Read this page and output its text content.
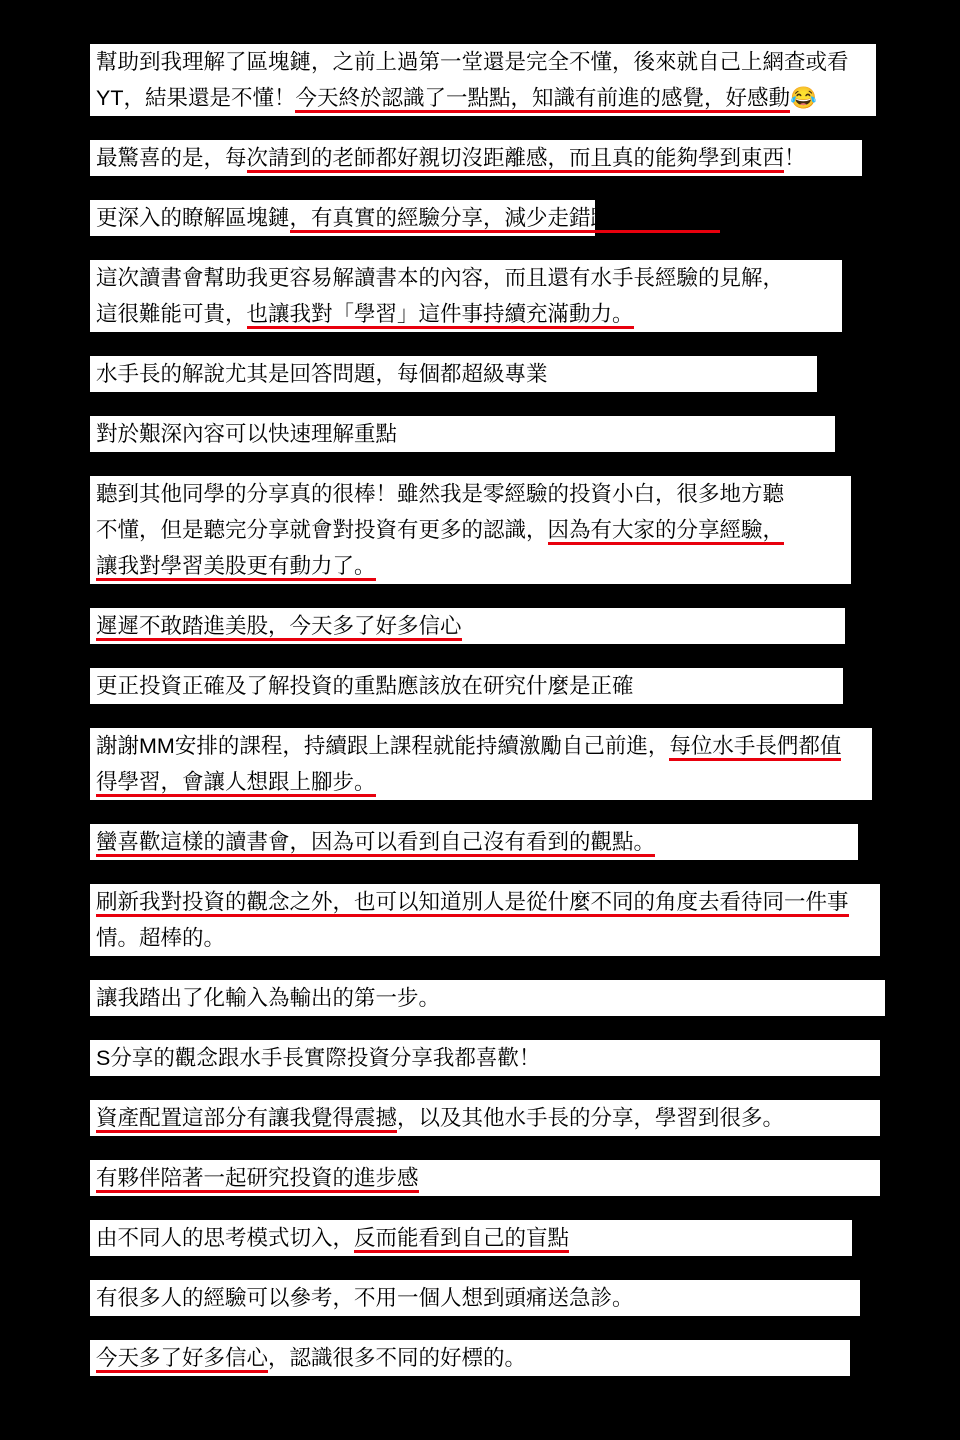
幫助到我理解了區塊鏈，之前上過第一堂還是完全不懂，後來就自己上網查或看
YT，結果還是不懂！今天終於認識了一點點，知識有前進的感覺，好感動😂
最驚喜的是，每次請到的老師都好親切沒距離感，而且真的能夠學到東西！
更深入的瞭解區塊鏈，有真實的經驗分享，減少走錯路賠錢的機會
這次讀書會幫助我更容易解讀書本的內容，而且還有水手長經驗的見解，
這很難能可貴，也讓我對「學習」這件事持續充滿動力。
水手長的解說尤其是回答問題，每個都超級專業
對於艱深內容可以快速理解重點
聽到其他同學的分享真的很棒！雖然我是零經驗的投資小白，很多地方聽
不懂，但是聽完分享就會對投資有更多的認識，因為有大家的分享經驗，
讓我對學習美股更有動力了。
遲遲不敢踏進美股，今天多了好多信心
更正投資正確及了解投資的重點應該放在研究什麼是正確
謝謝MM安排的課程，持續跟上課程就能持續激勵自己前進，每位水手長們都值
得學習，會讓人想跟上腳步。
蠻喜歡這樣的讀書會，因為可以看到自己沒有看到的觀點。
刷新我對投資的觀念之外，也可以知道別人是從什麼不同的角度去看待同一件事
情。超棒的。
讓我踏出了化輸入為輸出的第一步。
S分享的觀念跟水手長實際投資分享我都喜歡！
資產配置這部分有讓我覺得震撼，以及其他水手長的分享，學習到很多。
有夥伴陪著一起研究投資的進步感
由不同人的思考模式切入，反而能看到自己的盲點
有很多人的經驗可以參考，不用一個人想到頭痛送急診。
今天多了好多信心，認識很多不同的好標的。
